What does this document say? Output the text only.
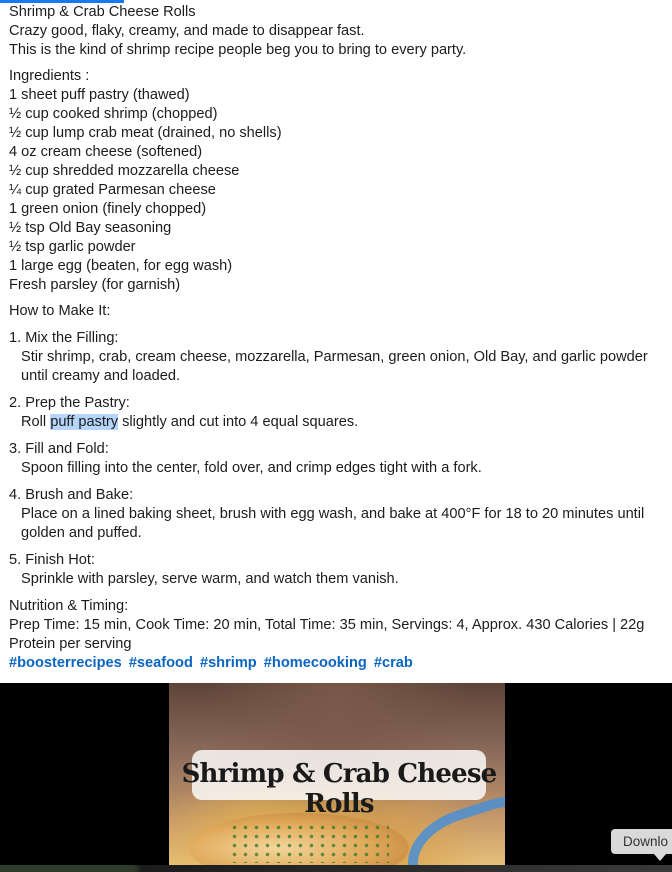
Shrimp & Crab Cheese Rolls
Crazy good, flaky, creamy, and made to disappear fast.
This is the kind of shrimp recipe people beg you to bring to every party.
Ingredients :
1 sheet puff pastry (thawed)
½ cup cooked shrimp (chopped)
½ cup lump crab meat (drained, no shells)
4 oz cream cheese (softened)
½ cup shredded mozzarella cheese
¼ cup grated Parmesan cheese
1 green onion (finely chopped)
½ tsp Old Bay seasoning
½ tsp garlic powder
1 large egg (beaten, for egg wash)
Fresh parsley (for garnish)
How to Make It:
1. Mix the Filling:
Stir shrimp, crab, cream cheese, mozzarella, Parmesan, green onion, Old Bay, and garlic powder until creamy and loaded.
2. Prep the Pastry:
Roll puff pastry slightly and cut into 4 equal squares.
3. Fill and Fold:
Spoon filling into the center, fold over, and crimp edges tight with a fork.
4. Brush and Bake:
Place on a lined baking sheet, brush with egg wash, and bake at 400°F for 18 to 20 minutes until golden and puffed.
5. Finish Hot:
Sprinkle with parsley, serve warm, and watch them vanish.
Nutrition & Timing:
Prep Time: 15 min, Cook Time: 20 min, Total Time: 35 min, Servings: 4, Approx. 430 Calories | 22g Protein per serving
#boosterrecipes #seafood #shrimp #homecooking #crab
Shrimp & Crab Cheese
Rolls
Downlo
